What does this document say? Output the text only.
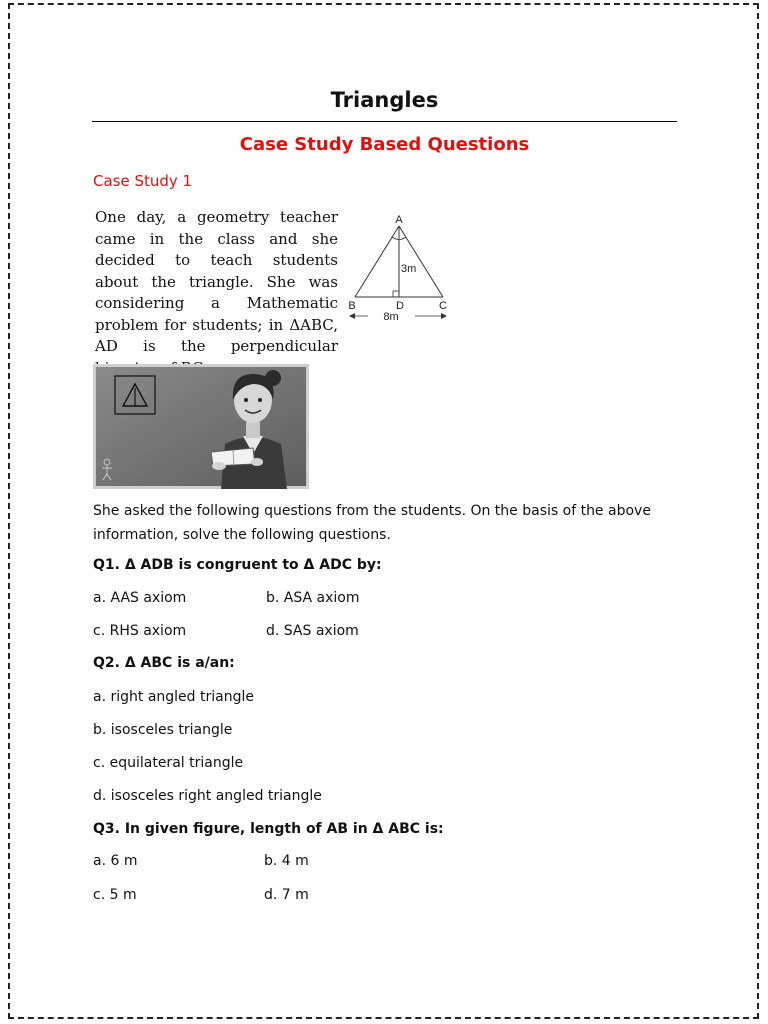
Triangles
Case Study Based Questions
Case Study 1
One day, a geometry teacher came in the class and she decided to teach students about the triangle. She was considering a Mathematic problem for students; in ΔABC, AD is the perpendicular
A
B	C
D
3m
8m
She asked the following questions from the students. On the basis of the above information, solve the following questions.
Q1. Δ ADB is congruent to Δ ADC by:
a. AAS axiom	b. ASA axiom
c. RHS axiom	d. SAS axiom
Q2. Δ ABC is a/an:
a. right angled triangle
b. isosceles triangle
c. equilateral triangle
d. isosceles right angled triangle
Q3. In given figure, length of AB in Δ ABC is:
a. 6 m	b. 4 m
c. 5 m	d. 7 m
